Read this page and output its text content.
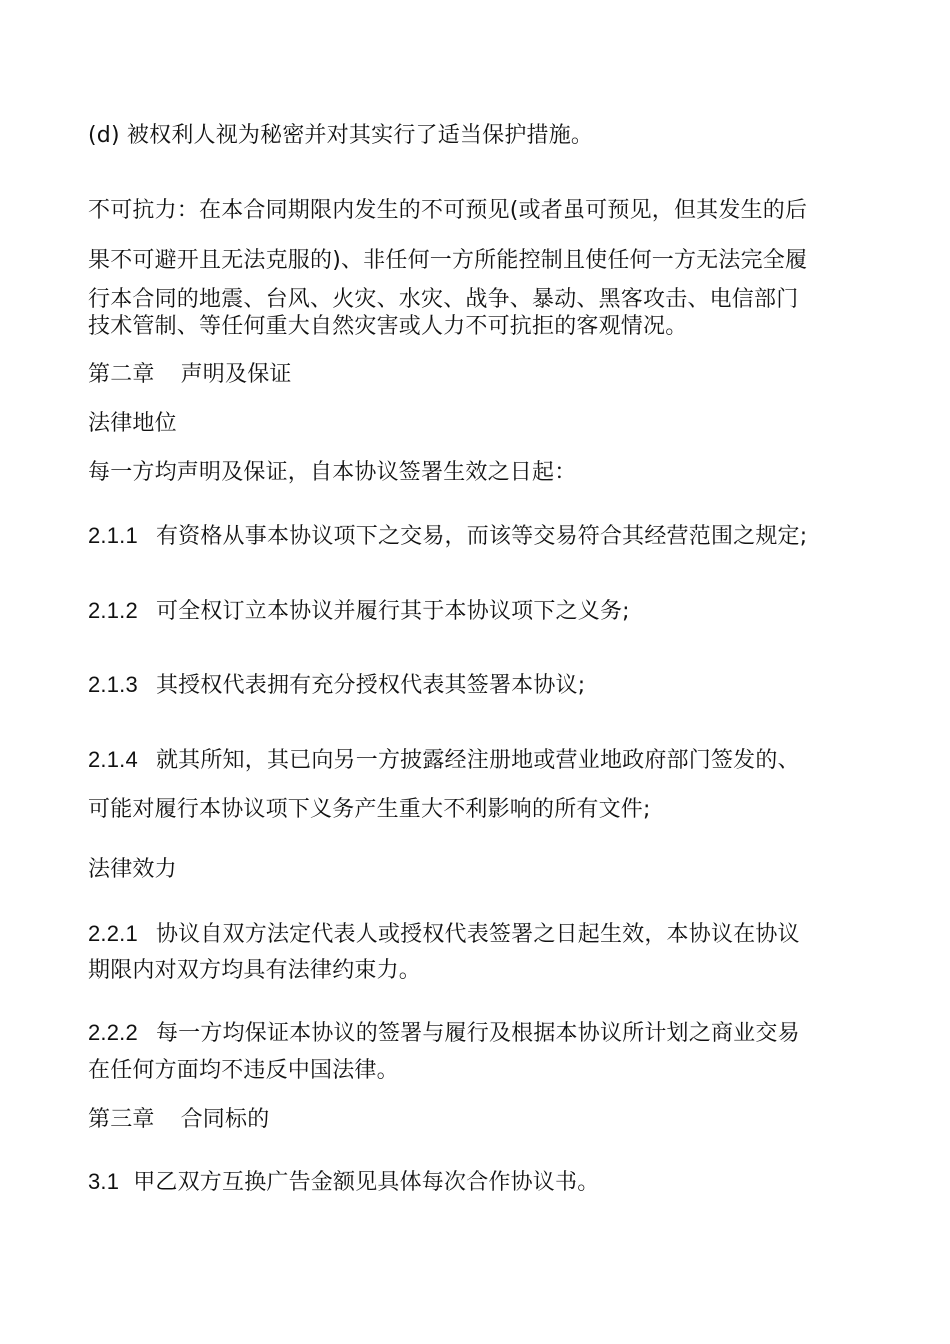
(d) 被权利人视为秘密并对其实行了适当保护措施。
不可抗力：在本合同期限内发生的不可预见(或者虽可预见，但其发生的后
果不可避开且无法克服的)、非任何一方所能控制且使任何一方无法完全履
行本合同的地震、台风、火灾、水灾、战争、暴动、黑客攻击、电信部门
技术管制、等任何重大自然灾害或人力不可抗拒的客观情况。
第二章 声明及保证
法律地位
每一方均声明及保证，自本协议签署生效之日起：
2.1.1 有资格从事本协议项下之交易，而该等交易符合其经营范围之规定;
2.1.2 可全权订立本协议并履行其于本协议项下之义务;
2.1.3 其授权代表拥有充分授权代表其签署本协议;
2.1.4 就其所知，其已向另一方披露经注册地或营业地政府部门签发的、
可能对履行本协议项下义务产生重大不利影响的所有文件;
法律效力
2.2.1 协议自双方法定代表人或授权代表签署之日起生效，本协议在协议
期限内对双方均具有法律约束力。
2.2.2 每一方均保证本协议的签署与履行及根据本协议所计划之商业交易
在任何方面均不违反中国法律。
第三章 合同标的
3.1 甲乙双方互换广告金额见具体每次合作协议书。
